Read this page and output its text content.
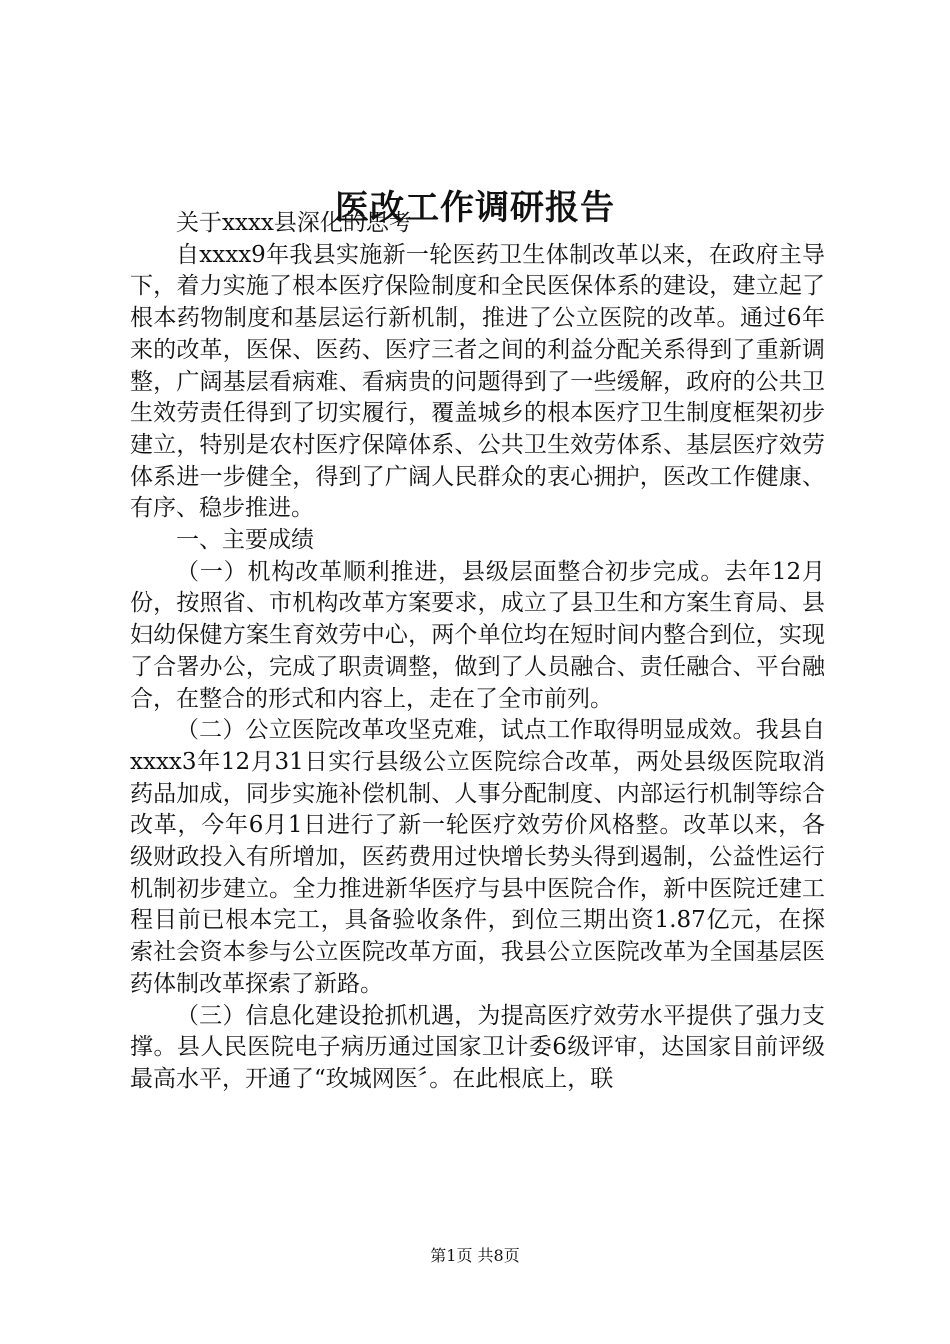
医改工作调研报告

关于xxxx县深化的思考

自xxxx9年我县实施新一轮医药卫生体制改革以来，在政府主导下，着力实施了根本医疗保险制度和全民医保体系的建设，建立起了根本药物制度和基层运行新机制，推进了公立医院的改革。通过6年来的改革，医保、医药、医疗三者之间的利益分配关系得到了重新调整，广阔基层看病难、看病贵的问题得到了一些缓解，政府的公共卫生效劳责任得到了切实履行，覆盖城乡的根本医疗卫生制度框架初步建立，特别是农村医疗保障体系、公共卫生效劳体系、基层医疗效劳体系进一步健全，得到了广阔人民群众的衷心拥护，医改工作健康、有序、稳步推进。

一、主要成绩

（一）机构改革顺利推进，县级层面整合初步完成。去年12月份，按照省、市机构改革方案要求，成立了县卫生和方案生育局、县妇幼保健方案生育效劳中心，两个单位均在短时间内整合到位，实现了合署办公，完成了职责调整，做到了人员融合、责任融合、平台融合，在整合的形式和内容上，走在了全市前列。

（二）公立医院改革攻坚克难，试点工作取得明显成效。我县自xxxx3年12月31日实行县级公立医院综合改革，两处县级医院取消药品加成，同步实施补偿机制、人事分配制度、内部运行机制等综合改革，今年6月1日进行了新一轮医疗效劳价风格整。改革以来，各级财政投入有所增加，医药费用过快增长势头得到遏制，公益性运行机制初步建立。全力推进新华医疗与县中医院合作，新中医院迁建工程目前已根本完工，具备验收条件，到位三期出资1.87亿元，在探索社会资本参与公立医院改革方面，我县公立医院改革为全国基层医药体制改革探索了新路。

（三）信息化建设抢抓机遇，为提高医疗效劳水平提供了强力支撑。县人民医院电子病历通过国家卫计委6级评审，达国家目前评级最高水平，开通了“玫城网医〞。在此根底上，联

第1页 共8页
